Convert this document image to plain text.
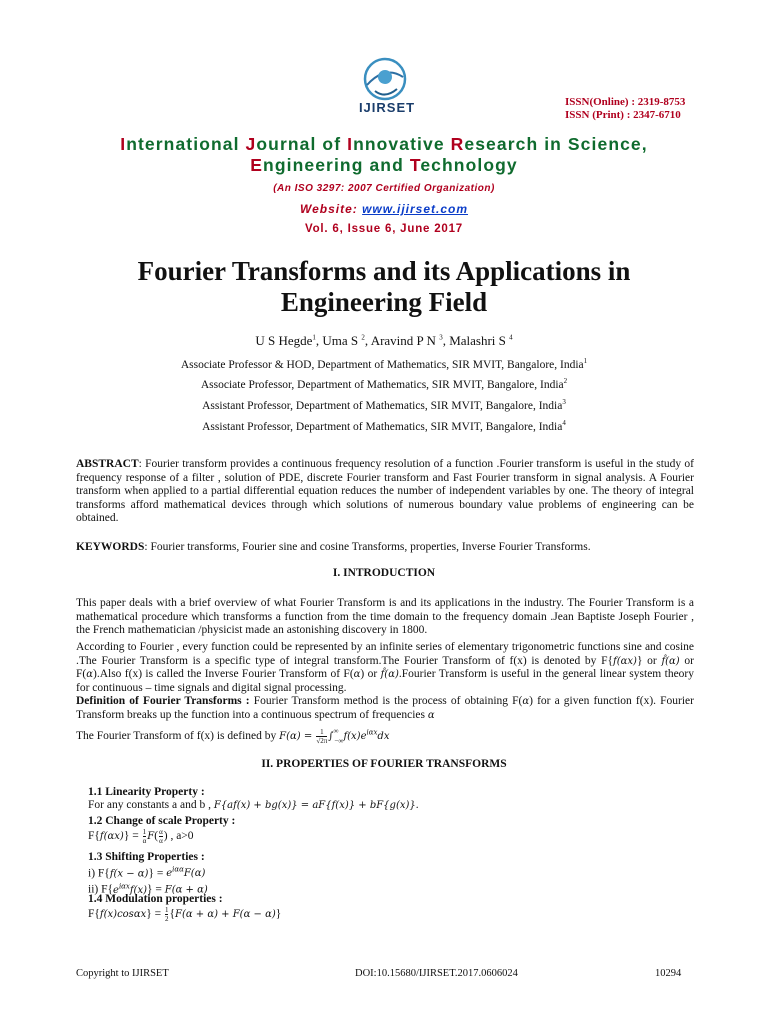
IJIRSET	ISSN(Online) : 2319-8753
ISSN (Print) : 2347-6710
International Journal of Innovative Research in Science,
Engineering and Technology
(An ISO 3297: 2007 Certified Organization)
Website: www.ijirset.com
Vol. 6, Issue 6, June 2017
Fourier Transforms and its Applications in Engineering Field
U S Hegde$^1$, Uma S $^2$, Aravind P N $^3$, Malashri S $^4$
Associate Professor & HOD, Department of Mathematics, SIR MVIT, Bangalore, India$^1$
Associate Professor, Department of Mathematics, SIR MVIT, Bangalore, India$^2$
Assistant Professor, Department of Mathematics, SIR MVIT, Bangalore, India$^3$
Assistant Professor, Department of Mathematics, SIR MVIT, Bangalore, India$^4$
ABSTRACT: Fourier transform provides a continuous frequency resolution of a function .Fourier transform is useful in the study of frequency response of a filter , solution of PDE, discrete Fourier transform and Fast Fourier transform in signal analysis. A Fourier transform when applied to a partial differential equation reduces the number of independent variables by one. The theory of integral transforms afford mathematical devices through which solutions of numerous boundary value problems of engineering can be obtained.
KEYWORDS: Fourier transforms, Fourier sine and cosine Transforms, properties, Inverse Fourier Transforms.
I. INTRODUCTION
This paper deals with a brief overview of what Fourier Transform is and its applications in the industry. The Fourier Transform is a mathematical procedure which transforms a function from the time domain to the frequency domain .Jean Baptiste Joseph Fourier , the French mathematician /physicist made an astonishing discovery in 1800.
According to Fourier , every function could be represented by an infinite series of elementary trigonometric functions sine and cosine .The Fourier Transform is a specific type of integral transform.The Fourier Transform of f(x) is denoted by F{f(αx)} or f̂(α) or F(α).Also f(x) is called the Inverse Fourier Transform of F(α) or f̂(α).Fourier Transform is useful in the general linear system theory for continuous – time signals and digital signal processing.
Definition of Fourier Transforms : Fourier Transform method is the process of obtaining F(α) for a given function f(x). Fourier Transform breaks up the function into a continuous spectrum of frequencies α
The Fourier Transform of f(x) is defined by $F(\alpha) = \frac{1}{√2\pi} \int^\infty_{-\infty}f(x)e^{i\alpha x}dx$
II. PROPERTIES OF FOURIER TRANSFORMS
1.1 Linearity Property :
For any constants a and b , F{af(x) + bg(x)} = aF{f(x)} + bF{g(x)}.
1.2 Change of scale Property :
$F\{f(\alpha x)\} = \frac{1}{\alpha} F( \frac{\alpha}{\alpha}$ ) , a>0
1.3 Shifting Properties :
i) $F\{f(x - \alpha)\} = e^{i\alpha\alpha}F(\alpha)$
ii) $F\{e^{i\alpha x}f(x)\} = F(\alpha + \alpha)$
1.4 Modulation properties :
$F\{f(x)\cos\alpha x\} = \frac{1}{2} \{F(\alpha + \alpha) + F(\alpha - \alpha)\}$
Copyright to IJIRSET	DOI:10.15680/IJIRSET.2017.0606024	10294
